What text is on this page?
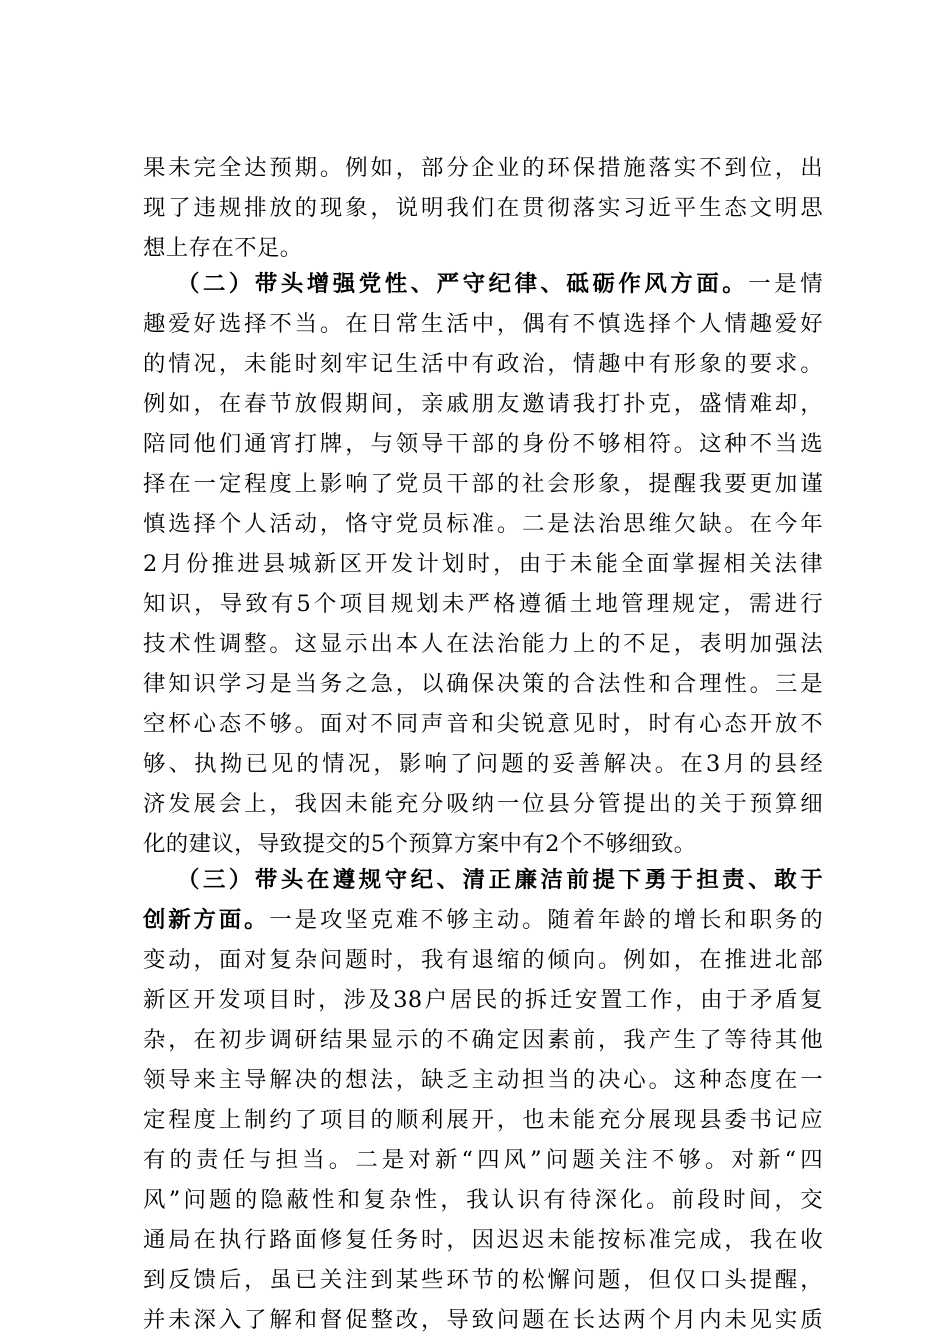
果未完全达预期。例如，部分企业的环保措施落实不到位，出
现了违规排放的现象，说明我们在贯彻落实习近平生态文明思
想上存在不足。
（二）带头增强党性、严守纪律、砥砺作风方面。一是情
趣爱好选择不当。在日常生活中，偶有不慎选择个人情趣爱好
的情况，未能时刻牢记生活中有政治，情趣中有形象的要求。
例如，在春节放假期间，亲戚朋友邀请我打扑克，盛情难却，
陪同他们通宵打牌，与领导干部的身份不够相符。这种不当选
择在一定程度上影响了党员干部的社会形象，提醒我要更加谨
慎选择个人活动，恪守党员标准。二是法治思维欠缺。在今年
2月份推进县城新区开发计划时，由于未能全面掌握相关法律
知识，导致有5个项目规划未严格遵循土地管理规定，需进行
技术性调整。这显示出本人在法治能力上的不足，表明加强法
律知识学习是当务之急，以确保决策的合法性和合理性。三是
空杯心态不够。面对不同声音和尖锐意见时，时有心态开放不
够、执拗已见的情况，影响了问题的妥善解决。在3月的县经
济发展会上，我因未能充分吸纳一位县分管提出的关于预算细
化的建议，导致提交的5个预算方案中有2个不够细致。
（三）带头在遵规守纪、清正廉洁前提下勇于担责、敢于
创新方面。一是攻坚克难不够主动。随着年龄的增长和职务的
变动，面对复杂问题时，我有退缩的倾向。例如，在推进北部
新区开发项目时，涉及38户居民的拆迁安置工作，由于矛盾复
杂，在初步调研结果显示的不确定因素前，我产生了等待其他
领导来主导解决的想法，缺乏主动担当的决心。这种态度在一
定程度上制约了项目的顺利展开，也未能充分展现县委书记应
有的责任与担当。二是对新“四风”问题关注不够。对新“四
风”问题的隐蔽性和复杂性，我认识有待深化。前段时间，交
通局在执行路面修复任务时，因迟迟未能按标准完成，我在收
到反馈后，虽已关注到某些环节的松懈问题，但仅口头提醒，
并未深入了解和督促整改，导致问题在长达两个月内未见实质
